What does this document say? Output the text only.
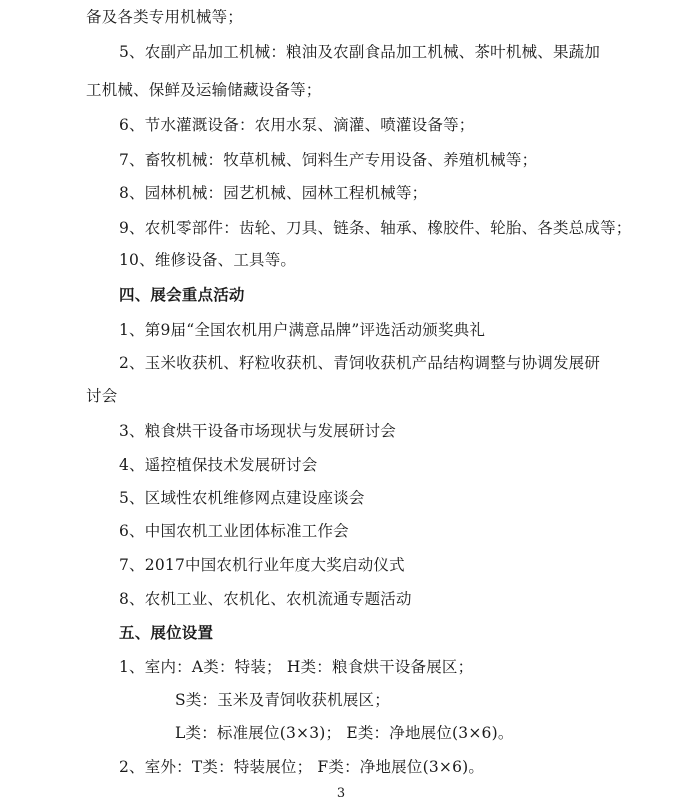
备及各类专用机械等；
5、农副产品加工机械：粮油及农副食品加工机械、茶叶机械、果蔬加
工机械、保鲜及运输储藏设备等；
6、节水灌溉设备：农用水泵、滴灌、喷灌设备等；
7、畜牧机械：牧草机械、饲料生产专用设备、养殖机械等；
8、园林机械：园艺机械、园林工程机械等；
9、农机零部件：齿轮、刀具、链条、轴承、橡胶件、轮胎、各类总成等；
10、维修设备、工具等。
四、展会重点活动
1、第9届“全国农机用户满意品牌”评选活动颁奖典礼
2、玉米收获机、籽粒收获机、青饲收获机产品结构调整与协调发展研
讨会
3、粮食烘干设备市场现状与发展研讨会
4、遥控植保技术发展研讨会
5、区域性农机维修网点建设座谈会
6、中国农机工业团体标准工作会
7、2017中国农机行业年度大奖启动仪式
8、农机工业、农机化、农机流通专题活动
五、展位设置
1、室内：A类：特装； H类：粮食烘干设备展区；
S类：玉米及青饲收获机展区；
L类：标准展位(3×3)； E类：净地展位(3×6)。
2、室外：T类：特装展位； F类：净地展位(3×6)。
3
